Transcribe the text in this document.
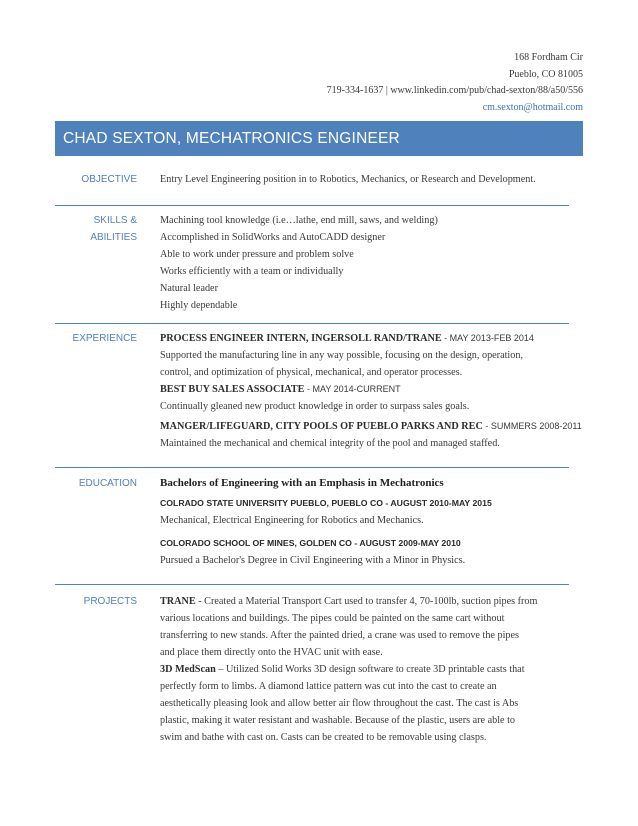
168 Fordham Cir
Pueblo, CO 81005
719-334-1637 | www.linkedin.com/pub/chad-sexton/88/a50/556
cm.sexton@hotmail.com
CHAD SEXTON, MECHATRONICS ENGINEER
OBJECTIVE Entry Level Engineering position in to Robotics, Mechanics, or Research and Development.
SKILLS &
ABILITIES
Machining tool knowledge (i.e…lathe, end mill, saws, and welding)
Accomplished in SolidWorks and AutoCADD designer
Able to work under pressure and problem solve
Works efficiently with a team or individually
Natural leader
Highly dependable
EXPERIENCE PROCESS ENGINEER INTERN, INGERSOLL RAND/TRANE - MAY 2013-FEB 2014
Supported the manufacturing line in any way possible, focusing on the design, operation,
control, and optimization of physical, mechanical, and operator processes.
BEST BUY SALES ASSOCIATE - MAY 2014-CURRENT
Continually gleaned new product knowledge in order to surpass sales goals.
MANGER/LIFEGUARD, CITY POOLS OF PUEBLO PARKS AND REC - SUMMERS 2008-2011
Maintained the mechanical and chemical integrity of the pool and managed staffed.
EDUCATION Bachelors of Engineering with an Emphasis in Mechatronics
COLRADO STATE UNIVERSITY PUEBLO, PUEBLO CO - AUGUST 2010-MAY 2015
Mechanical, Electrical Engineering for Robotics and Mechanics.
COLORADO SCHOOL OF MINES, GOLDEN CO - AUGUST 2009-MAY 2010
Pursued a Bachelor's Degree in Civil Engineering with a Minor in Physics.
PROJECTS TRANE - Created a Material Transport Cart used to transfer 4, 70-100lb, suction pipes from
various locations and buildings. The pipes could be painted on the same cart without
transferring to new stands. After the painted dried, a crane was used to remove the pipes
and place them directly onto the HVAC unit with ease.
3D MedScan – Utilized Solid Works 3D design software to create 3D printable casts that
perfectly form to limbs. A diamond lattice pattern was cut into the cast to create an
aesthetically pleasing look and allow better air flow throughout the cast. The cast is Abs
plastic, making it water resistant and washable. Because of the plastic, users are able to
swim and bathe with cast on. Casts can be created to be removable using clasps.
